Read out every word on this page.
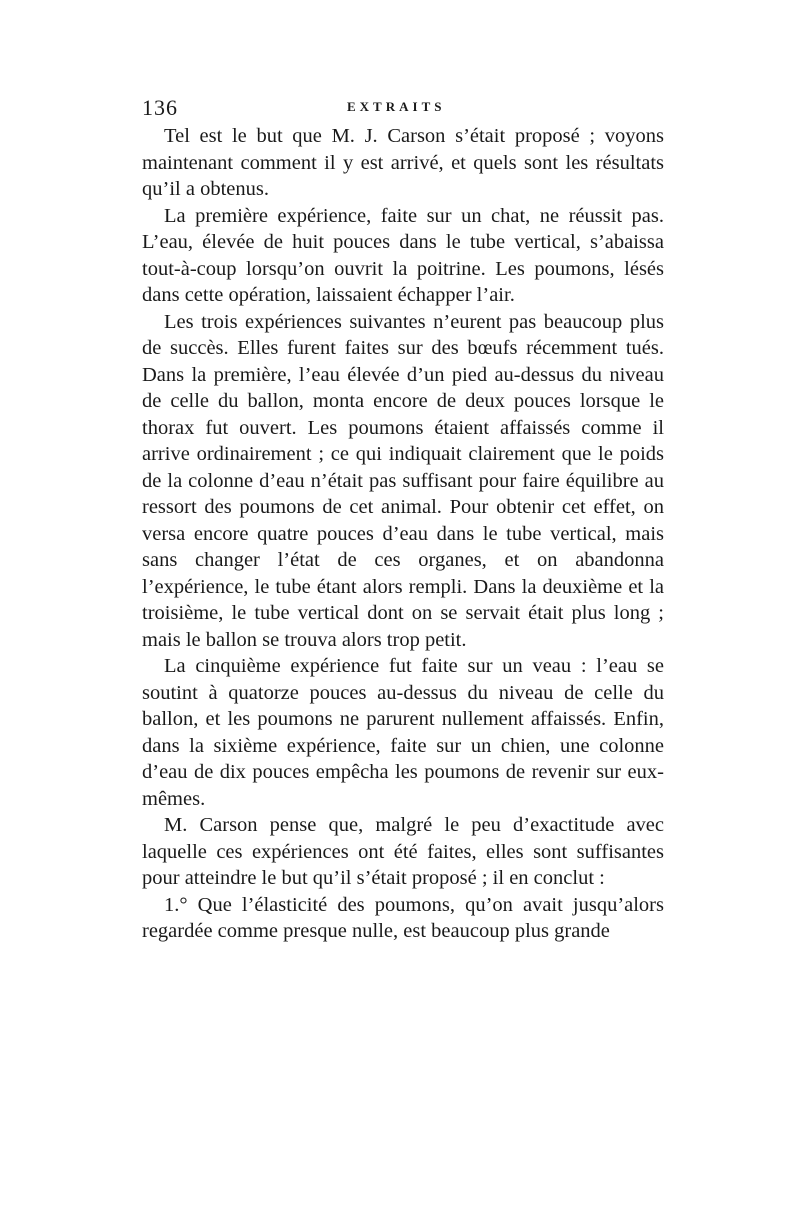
136	EXTRAITS

Tel est le but que M. J. Carson s’était proposé ; voyons maintenant comment il y est arrivé, et quels sont les résultats qu’il a obtenus.

La première expérience, faite sur un chat, ne réussit pas. L’eau, élevée de huit pouces dans le tube vertical, s’abaissa tout-à-coup lorsqu’on ouvrit la poitrine. Les poumons, lésés dans cette opération, laissaient échapper l’air.

Les trois expériences suivantes n’eurent pas beaucoup plus de succès. Elles furent faites sur des bœufs récemment tués. Dans la première, l’eau élevée d’un pied au-dessus du niveau de celle du ballon, monta encore de deux pouces lorsque le thorax fut ouvert. Les poumons étaient affaissés comme il arrive ordinairement ; ce qui indiquait clairement que le poids de la colonne d’eau n’était pas suffisant pour faire équilibre au ressort des poumons de cet animal. Pour obtenir cet effet, on versa encore quatre pouces d’eau dans le tube vertical, mais sans changer l’état de ces organes, et on abandonna l’expérience, le tube étant alors rempli. Dans la deuxième et la troisième, le tube vertical dont on se servait était plus long ; mais le ballon se trouva alors trop petit.

La cinquième expérience fut faite sur un veau : l’eau se soutint à quatorze pouces au-dessus du niveau de celle du ballon, et les poumons ne parurent nullement affaissés. Enfin, dans la sixième expérience, faite sur un chien, une colonne d’eau de dix pouces empêcha les poumons de revenir sur eux-mêmes.

M. Carson pense que, malgré le peu d’exactitude avec laquelle ces expériences ont été faites, elles sont suffisantes pour atteindre le but qu’il s’était proposé ; il en conclut :

1.° Que l’élasticité des poumons, qu’on avait jusqu’alors regardée comme presque nulle, est beaucoup plus grande
